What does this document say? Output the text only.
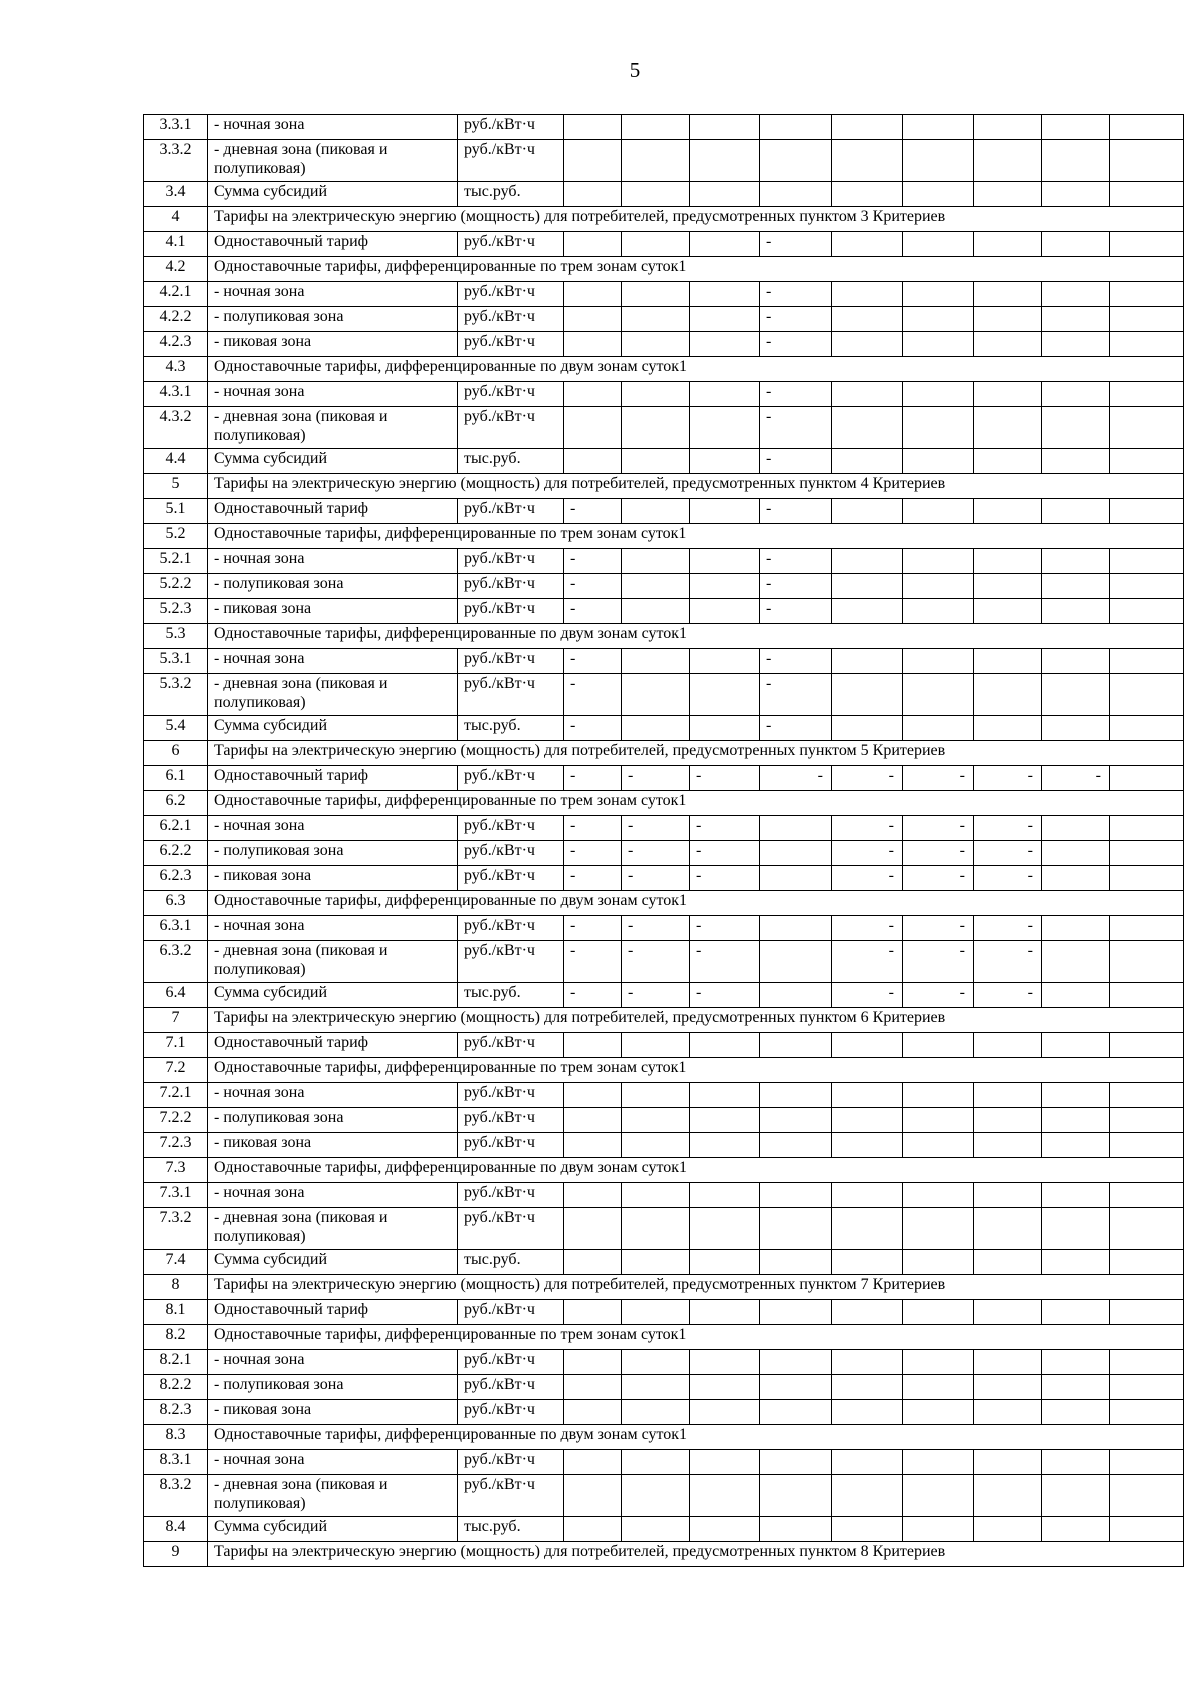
5
3.3.1	- ночная зона	руб./кВт·ч									
3.3.2	- дневная зона (пиковая и полупиковая)	руб./кВт·ч									
3.4	Сумма субсидий	тыс.руб.									
4	Тарифы на электрическую энергию (мощность) для потребителей, предусмотренных пунктом 3 Критериев										
4.1	Одноставочный тариф	руб./кВт·ч				-					
4.2	Одноставочные тарифы, дифференцированные по трем зонам суток1										
4.2.1	- ночная зона	руб./кВт·ч				-					
4.2.2	- полупиковая зона	руб./кВт·ч				-					
4.2.3	- пиковая зона	руб./кВт·ч				-					
4.3	Одноставочные тарифы, дифференцированные по двум зонам суток1										
4.3.1	- ночная зона	руб./кВт·ч				-					
4.3.2	- дневная зона (пиковая и полупиковая)	руб./кВт·ч				-					
4.4	Сумма субсидий	тыс.руб.				-					
5	Тарифы на электрическую энергию (мощность) для потребителей, предусмотренных пунктом 4 Критериев										
5.1	Одноставочный тариф	руб./кВт·ч	-			-					
5.2	Одноставочные тарифы, дифференцированные по трем зонам суток1										
5.2.1	- ночная зона	руб./кВт·ч	-			-					
5.2.2	- полупиковая зона	руб./кВт·ч	-			-					
5.2.3	- пиковая зона	руб./кВт·ч	-			-					
5.3	Одноставочные тарифы, дифференцированные по двум зонам суток1										
5.3.1	- ночная зона	руб./кВт·ч	-			-					
5.3.2	- дневная зона (пиковая и полупиковая)	руб./кВт·ч	-			-					
5.4	Сумма субсидий	тыс.руб.	-			-					
6	Тарифы на электрическую энергию (мощность) для потребителей, предусмотренных пунктом 5 Критериев										
6.1	Одноставочный тариф	руб./кВт·ч	-	-	-	-	-	-	-	-	
6.2	Одноставочные тарифы, дифференцированные по трем зонам суток1										
6.2.1	- ночная зона	руб./кВт·ч	-	-	-		-	-	-		
6.2.2	- полупиковая зона	руб./кВт·ч	-	-	-		-	-	-		
6.2.3	- пиковая зона	руб./кВт·ч	-	-	-		-	-	-		
6.3	Одноставочные тарифы, дифференцированные по двум зонам суток1										
6.3.1	- ночная зона	руб./кВт·ч	-	-	-		-	-	-		
6.3.2	- дневная зона (пиковая и полупиковая)	руб./кВт·ч	-	-	-		-	-	-		
6.4	Сумма субсидий	тыс.руб.	-	-	-		-	-	-		
7	Тарифы на электрическую энергию (мощность) для потребителей, предусмотренных пунктом 6 Критериев										
7.1	Одноставочный тариф	руб./кВт·ч									
7.2	Одноставочные тарифы, дифференцированные по трем зонам суток1										
7.2.1	- ночная зона	руб./кВт·ч									
7.2.2	- полупиковая зона	руб./кВт·ч									
7.2.3	- пиковая зона	руб./кВт·ч									
7.3	Одноставочные тарифы, дифференцированные по двум зонам суток1										
7.3.1	- ночная зона	руб./кВт·ч									
7.3.2	- дневная зона (пиковая и полупиковая)	руб./кВт·ч									
7.4	Сумма субсидий	тыс.руб.									
8	Тарифы на электрическую энергию (мощность) для потребителей, предусмотренных пунктом 7 Критериев										
8.1	Одноставочный тариф	руб./кВт·ч									
8.2	Одноставочные тарифы, дифференцированные по трем зонам суток1										
8.2.1	- ночная зона	руб./кВт·ч									
8.2.2	- полупиковая зона	руб./кВт·ч									
8.2.3	- пиковая зона	руб./кВт·ч									
8.3	Одноставочные тарифы, дифференцированные по двум зонам суток1										
8.3.1	- ночная зона	руб./кВт·ч									
8.3.2	- дневная зона (пиковая и полупиковая)	руб./кВт·ч									
8.4	Сумма субсидий	тыс.руб.									
9	Тарифы на электрическую энергию (мощность) для потребителей, предусмотренных пунктом 8 Критериев										
